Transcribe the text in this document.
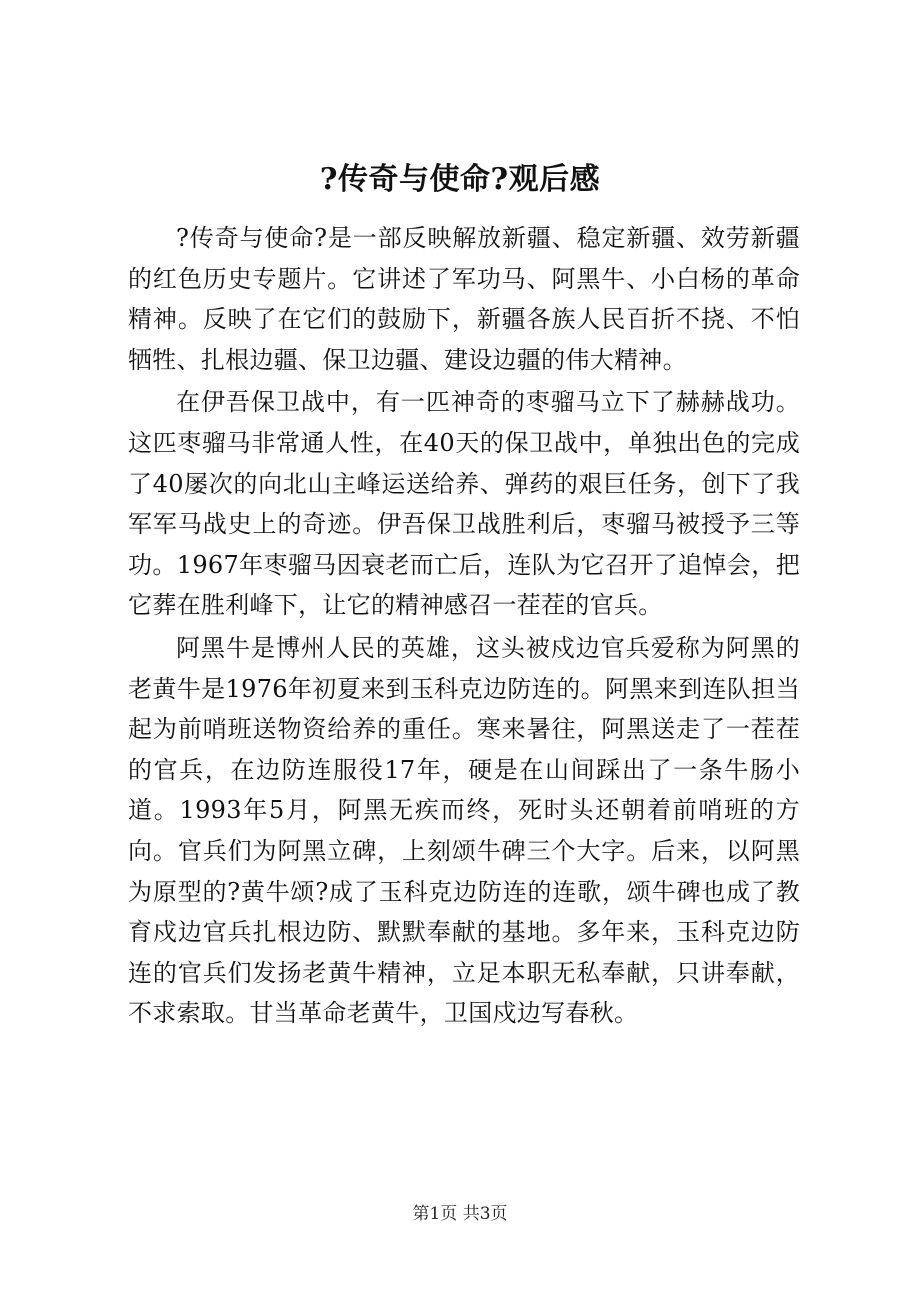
?传奇与使命?观后感

?传奇与使命?是一部反映解放新疆、稳定新疆、效劳新疆的红色历史专题片。它讲述了军功马、阿黑牛、小白杨的革命精神。反映了在它们的鼓励下，新疆各族人民百折不挠、不怕牺牲、扎根边疆、保卫边疆、建设边疆的伟大精神。

在伊吾保卫战中，有一匹神奇的枣骝马立下了赫赫战功。这匹枣骝马非常通人性，在40天的保卫战中，单独出色的完成了40屡次的向北山主峰运送给养、弹药的艰巨任务，创下了我军军马战史上的奇迹。伊吾保卫战胜利后，枣骝马被授予三等功。1967年枣骝马因衰老而亡后，连队为它召开了追悼会，把它葬在胜利峰下，让它的精神感召一茬茬的官兵。

阿黑牛是博州人民的英雄，这头被戍边官兵爱称为阿黑的老黄牛是1976年初夏来到玉科克边防连的。阿黑来到连队担当起为前哨班送物资给养的重任。寒来暑往，阿黑送走了一茬茬的官兵，在边防连服役17年，硬是在山间踩出了一条牛肠小道。1993年5月，阿黑无疾而终，死时头还朝着前哨班的方向。官兵们为阿黑立碑，上刻颂牛碑三个大字。后来，以阿黑为原型的?黄牛颂?成了玉科克边防连的连歌，颂牛碑也成了教育戍边官兵扎根边防、默默奉献的基地。多年来，玉科克边防连的官兵们发扬老黄牛精神，立足本职无私奉献，只讲奉献，不求索取。甘当革命老黄牛，卫国戍边写春秋。

第1页 共3页
